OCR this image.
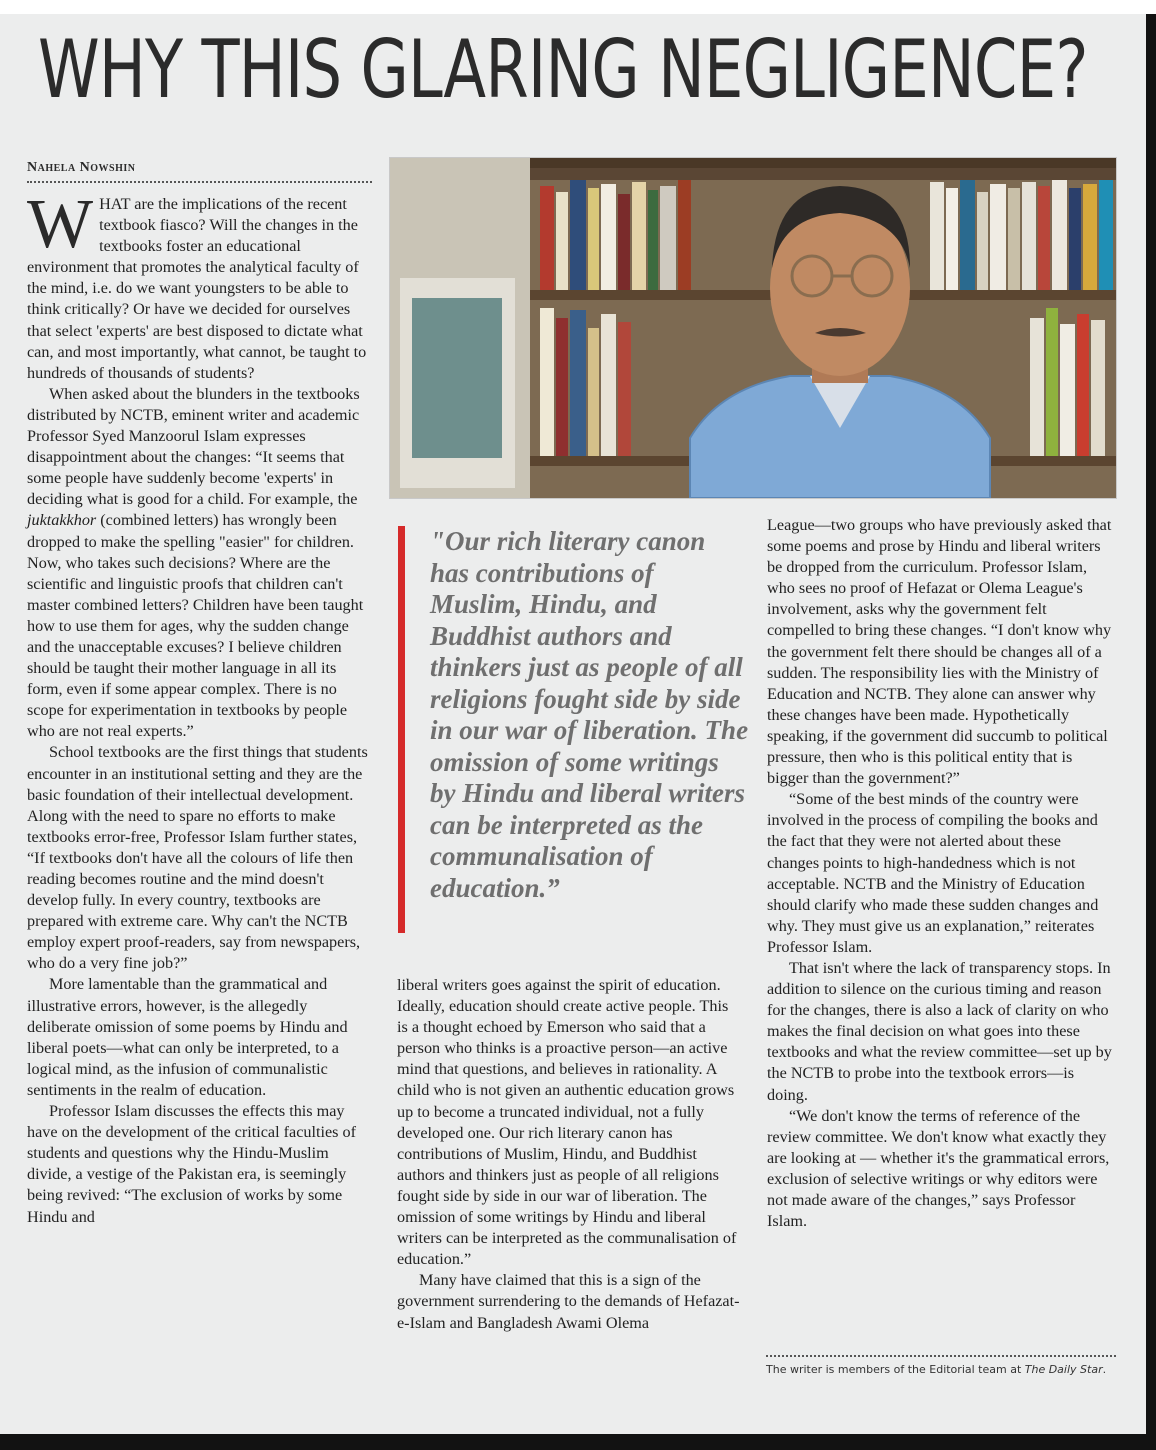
WHY THIS GLARING NEGLIGENCE?
Nahela Nowshin

WHAT are the implications of the recent textbook fiasco? Will the changes in the textbooks foster an educational environment that promotes the analytical faculty of the mind, i.e. do we want youngsters to be able to think critically? Or have we decided for ourselves that select 'experts' are best disposed to dictate what can, and most importantly, what cannot, be taught to hundreds of thousands of students?

When asked about the blunders in the textbooks distributed by NCTB, eminent writer and academic Professor Syed Manzoorul Islam expresses disappointment about the changes: “It seems that some people have suddenly become 'experts' in deciding what is good for a child. For example, the juktakkhor (combined letters) has wrongly been dropped to make the spelling "easier" for children. Now, who takes such decisions? Where are the scientific and linguistic proofs that children can't master combined letters? Children have been taught how to use them for ages, why the sudden change and the unacceptable excuses? I believe children should be taught their mother language in all its form, even if some appear complex. There is no scope for experimentation in textbooks by people who are not real experts.”

School textbooks are the first things that students encounter in an institutional setting and they are the basic foundation of their intellectual development. Along with the need to spare no efforts to make textbooks error-free, Professor Islam further states, “If textbooks don't have all the colours of life then reading becomes routine and the mind doesn't develop fully. In every country, textbooks are prepared with extreme care. Why can't the NCTB employ expert proof-readers, say from newspapers, who do a very fine job?”

More lamentable than the grammatical and illustrative errors, however, is the allegedly deliberate omission of some poems by Hindu and liberal poets—what can only be interpreted, to a logical mind, as the infusion of communalistic sentiments in the realm of education.

Professor Islam discusses the effects this may have on the development of the critical faculties of students and questions why the Hindu-Muslim divide, a vestige of the Pakistan era, is seemingly being revived: “The exclusion of works by some Hindu and

"Our rich literary canon has contributions of Muslim, Hindu, and Buddhist authors and thinkers just as people of all religions fought side by side in our war of liberation. The omission of some writings by Hindu and liberal writers can be interpreted as the communalisation of education.”

liberal writers goes against the spirit of education. Ideally, education should create active people. This is a thought echoed by Emerson who said that a person who thinks is a proactive person—an active mind that questions, and believes in rationality. A child who is not given an authentic education grows up to become a truncated individual, not a fully developed one. Our rich literary canon has contributions of Muslim, Hindu, and Buddhist authors and thinkers just as people of all religions fought side by side in our war of liberation. The omission of some writings by Hindu and liberal writers can be interpreted as the communalisation of education.”

Many have claimed that this is a sign of the government surrendering to the demands of Hefazat-e-Islam and Bangladesh Awami Olema

League—two groups who have previously asked that some poems and prose by Hindu and liberal writers be dropped from the curriculum. Professor Islam, who sees no proof of Hefazat or Olema League's involvement, asks why the government felt compelled to bring these changes. “I don't know why the government felt there should be changes all of a sudden. The responsibility lies with the Ministry of Education and NCTB. They alone can answer why these changes have been made. Hypothetically speaking, if the government did succumb to political pressure, then who is this political entity that is bigger than the government?”

“Some of the best minds of the country were involved in the process of compiling the books and the fact that they were not alerted about these changes points to high-handedness which is not acceptable. NCTB and the Ministry of Education should clarify who made these sudden changes and why. They must give us an explanation,” reiterates Professor Islam.

That isn't where the lack of transparency stops. In addition to silence on the curious timing and reason for the changes, there is also a lack of clarity on who makes the final decision on what goes into these textbooks and what the review committee—set up by the NCTB to probe into the textbook errors—is doing.

“We don't know the terms of reference of the review committee. We don't know what exactly they are looking at — whether it's the grammatical errors, exclusion of selective writings or why editors were not made aware of the changes,” says Professor Islam.

The writer is members of the Editorial team at The Daily Star.
